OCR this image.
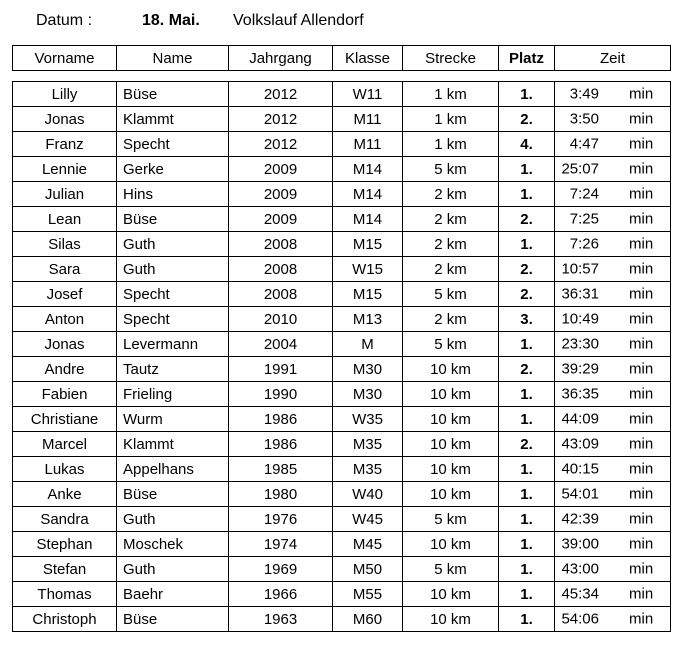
Datum :	18. Mai. Volkslauf Allendorf
Vorname	Name	Jahrgang	Klasse	Strecke	Platz	Zeit
Lilly	Büse	2012	W11	1 km	1.	3:49 min

Jonas	Klammt	2012	M11	1 km	2.	3:50 min

Franz	Specht	2012	M11	1 km	4.	4:47 min

Lennie	Gerke	2009	M14	5 km	1.	25:07 min

Julian	Hins	2009	M14	2 km	1.	7:24 min

Lean	Büse	2009	M14	2 km	2.	7:25 min

Silas	Guth	2008	M15	2 km	1.	7:26 min

Sara	Guth	2008	W15	2 km	2.	10:57 min

Josef	Specht	2008	M15	5 km	2.	36:31 min

Anton	Specht	2010	M13	2 km	3.	10:49 min

Jonas	Levermann	2004	M	5 km	1.	23:30 min

Andre	Tautz	1991	M30	10 km	2.	39:29 min

Fabien	Frieling	1990	M30	10 km	1.	36:35 min

Christiane	Wurm	1986	W35	10 km	1.	44:09 min

Marcel	Klammt	1986	M35	10 km	2.	43:09 min

Lukas	Appelhans	1985	M35	10 km	1.	40:15 min

Anke	Büse	1980	W40	10 km	1.	54:01 min

Sandra	Guth	1976	W45	5 km	1.	42:39 min

Stephan	Moschek	1974	M45	10 km	1.	39:00 min

Stefan	Guth	1969	M50	5 km	1.	43:00 min

Thomas	Baehr	1966	M55	10 km	1.	45:34 min

Christoph	Büse	1963	M60	10 km	1.	54:06 min
